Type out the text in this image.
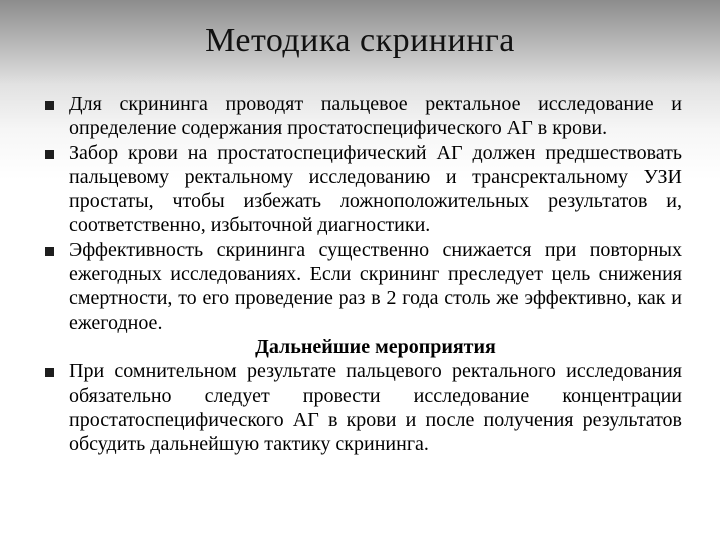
Методика скрининга
Для скрининга проводят пальцевое ректальное исследование и определение содержания простатоспецифического АГ в крови.
Забор крови на простатоспецифический АГ должен предшествовать пальцевому ректальному исследованию и трансректальному УЗИ простаты, чтобы избежать ложноположительных результатов и, соответственно, избыточной диагностики.
Эффективность скрининга существенно снижается при повторных ежегодных исследованиях. Если скрининг преследует цель снижения смертности, то его проведение раз в 2 года столь же эффективно, как и ежегодное.
Дальнейшие мероприятия
При сомнительном результате пальцевого ректального исследования обязательно следует провести исследование концентрации простатоспецифического АГ в крови и после получения результатов обсудить дальнейшую тактику скрининга.
